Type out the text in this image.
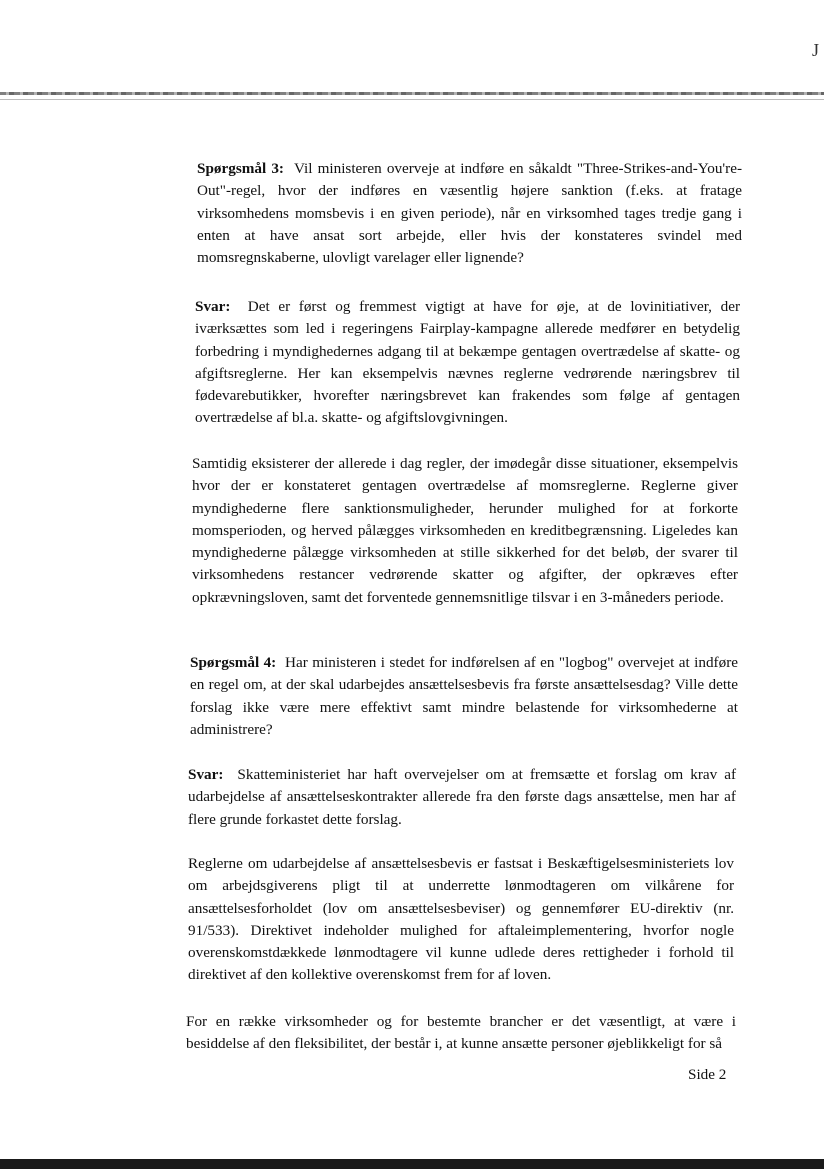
J

Spørgsmål 3: Vil ministeren overveje at indføre en såkaldt "Three-Strikes-and-You're-Out"-regel, hvor der indføres en væsentlig højere sanktion (f.eks. at fratage virksomhedens momsbevis i en given periode), når en virksomhed tages tredje gang i enten at have ansat sort arbejde, eller hvis der konstateres svindel med momsregnskaberne, ulovligt varelager eller lignende?

Svar: Det er først og fremmest vigtigt at have for øje, at de lovinitiativer, der iværksættes som led i regeringens Fairplay-kampagne allerede medfører en betydelig forbedring i myndighedernes adgang til at bekæmpe gentagen overtrædelse af skatte- og afgiftsreglerne. Her kan eksempelvis nævnes reglerne vedrørende næringsbrev til fødevarebutikker, hvorefter næringsbrevet kan frakendes som følge af gentagen overtrædelse af bl.a. skatte- og afgiftslovgivningen.

Samtidig eksisterer der allerede i dag regler, der imødegår disse situationer, eksempelvis hvor der er konstateret gentagen overtrædelse af momsreglerne. Reglerne giver myndighederne flere sanktionsmuligheder, herunder mulighed for at forkorte momsperioden, og herved pålægges virksomheden en kreditbegrænsning. Ligeledes kan myndighederne pålægge virksomheden at stille sikkerhed for det beløb, der svarer til virksomhedens restancer vedrørende skatter og afgifter, der opkræves efter opkrævningsloven, samt det forventede gennemsnitlige tilsvar i en 3-måneders periode.

Spørgsmål 4: Har ministeren i stedet for indførelsen af en "logbog" overvejet at indføre en regel om, at der skal udarbejdes ansættelsesbevis fra første ansættelsesdag? Ville dette forslag ikke være mere effektivt samt mindre belastende for virksomhederne at administrere?

Svar: Skatteministeriet har haft overvejelser om at fremsætte et forslag om krav af udarbejdelse af ansættelseskontrakter allerede fra den første dags ansættelse, men har af flere grunde forkastet dette forslag.

Reglerne om udarbejdelse af ansættelsesbevis er fastsat i Beskæftigelsesministeriets lov om arbejdsgiverens pligt til at underrette lønmodtageren om vilkårene for ansættelsesforholdet (lov om ansættelsesbeviser) og gennemfører EU-direktiv (nr. 91/533). Direktivet indeholder mulighed for aftaleimplementering, hvorfor nogle overenskomstdækkede lønmodtagere vil kunne udlede deres rettigheder i forhold til direktivet af den kollektive overenskomst frem for af loven.

For en række virksomheder og for bestemte brancher er det væsentligt, at være i besiddelse af den fleksibilitet, der består i, at kunne ansætte personer øjeblikkeligt for så

Side 2
